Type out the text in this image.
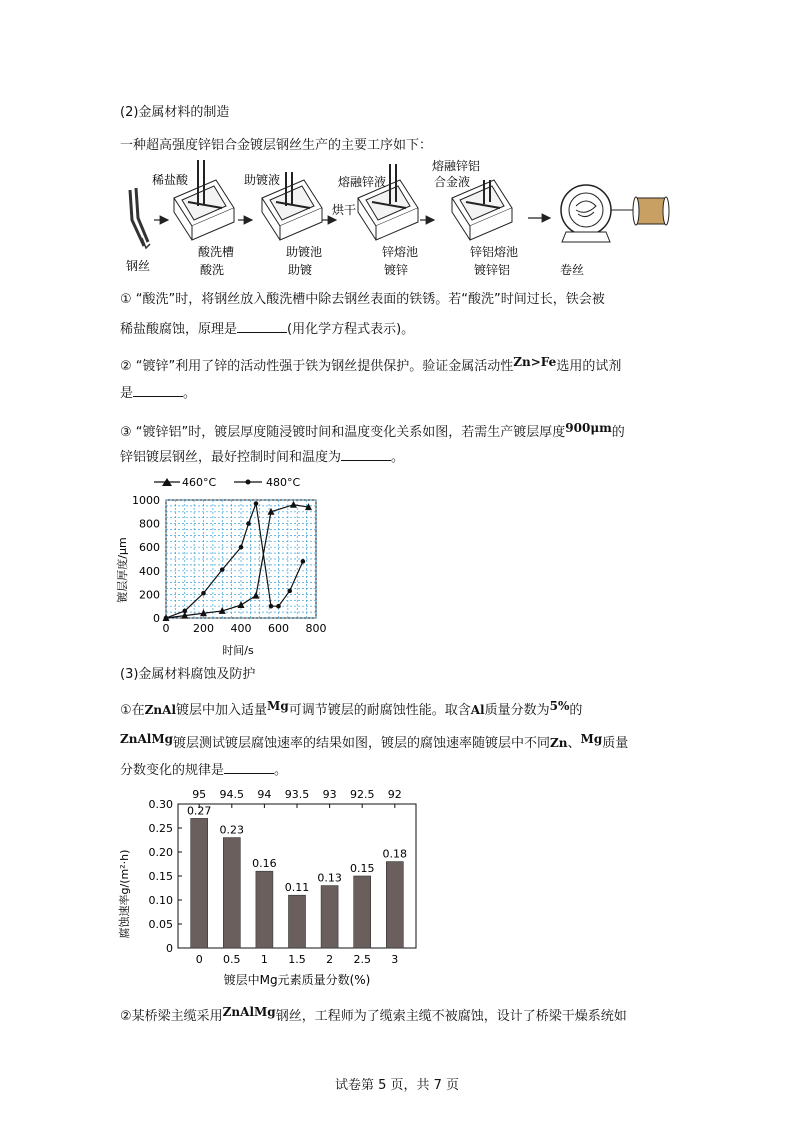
(2)金属材料的制造
一种超高强度锌铝合金镀层钢丝生产的主要工序如下：
钢丝
稀盐酸
酸洗槽
酸洗
助镀液
助镀池
助镀
烘干
熔融锌液
锌熔池
镀锌
熔融锌铝
合金液
锌铝熔池
镀锌铝	卷丝
① “酸洗”时，将钢丝放入酸洗槽中除去钢丝表面的铁锈。若“酸洗”时间过长，铁会被
稀盐酸腐蚀，原理是	(用化学方程式表示)。
② “镀锌”利用了锌的活动性强于铁为钢丝提供保护。验证金属活动性Zn>Fe选用的试剂
是	。
③ “镀锌铝”时，镀层厚度随浸镀时间和温度变化关系如图，若需生产镀层厚度900μm的
锌铝镀层钢丝，最好控制时间和温度为	。
460°C	480°C
0 200 400 600 800
0
200
400
600
800
1000
镀层厚度/μm
时间/s
(3)金属材料腐蚀及防护
①在ZnAl镀层中加入适量Mg可调节镀层的耐腐蚀性能。取含Al质量分数为5%的
ZnAlMg镀层测试镀层腐蚀速率的结果如图，镀层的腐蚀速率随镀层中不同Zn、Mg质量
分数变化的规律是	。
0
0.05
0.10
0.15
0.20
0.25
0.30
0
95
0.5
94.5
1
94
1.5
93.5
2
93
2.5
92.5
3
92
0.27
0.23
0.16
0.11
0.13
0.15
0.18
腐蚀速率g/(m²·h)
镀层中Mg元素质量分数(%)
②某桥梁主缆采用ZnAlMg钢丝，工程师为了缆索主缆不被腐蚀，设计了桥梁干燥系统如
试卷第 5 页，共 7 页
